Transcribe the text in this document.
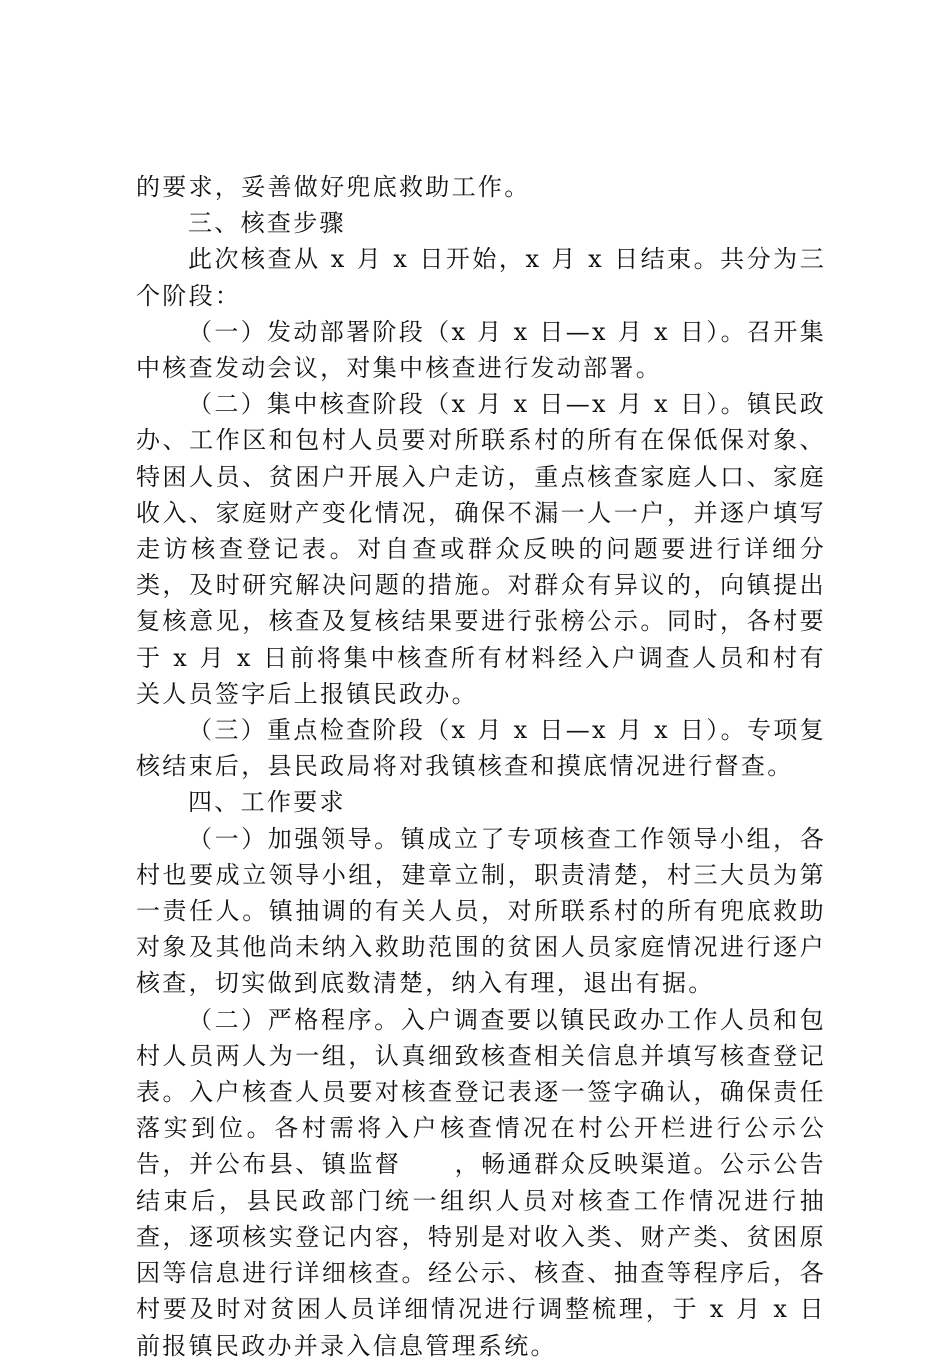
的要求，妥善做好兜底救助工作。

三、核查步骤

此次核查从 x 月 x 日开始，x 月 x 日结束。共分为三个阶段：

（一）发动部署阶段（x 月 x 日—x 月 x 日）。召开集中核查发动会议，对集中核查进行发动部署。

（二）集中核查阶段（x 月 x 日—x 月 x 日）。镇民政办、工作区和包村人员要对所联系村的所有在保低保对象、特困人员、贫困户开展入户走访，重点核查家庭人口、家庭收入、家庭财产变化情况，确保不漏一人一户，并逐户填写走访核查登记表。对自查或群众反映的问题要进行详细分类，及时研究解决问题的措施。对群众有异议的，向镇提出复核意见，核查及复核结果要进行张榜公示。同时，各村要于 x 月 x 日前将集中核查所有材料经入户调查人员和村有关人员签字后上报镇民政办。

（三）重点检查阶段（x 月 x 日—x 月 x 日）。专项复核结束后，县民政局将对我镇核查和摸底情况进行督查。

四、工作要求

（一）加强领导。镇成立了专项核查工作领导小组，各村也要成立领导小组，建章立制，职责清楚，村三大员为第一责任人。镇抽调的有关人员，对所联系村的所有兜底救助对象及其他尚未纳入救助范围的贫困人员家庭情况进行逐户核查，切实做到底数清楚，纳入有理，退出有据。

（二）严格程序。入户调查要以镇民政办工作人员和包村人员两人为一组，认真细致核查相关信息并填写核查登记表。入户核查人员要对核查登记表逐一签字确认，确保责任落实到位。各村需将入户核查情况在村公开栏进行公示公告，并公布县、镇监督　　，畅通群众反映渠道。公示公告结束后，县民政部门统一组织人员对核查工作情况进行抽查，逐项核实登记内容，特别是对收入类、财产类、贫困原因等信息进行详细核查。经公示、核查、抽查等程序后，各村要及时对贫困人员详细情况进行调整梳理，于 x 月 x 日前报镇民政办并录入信息管理系统。
